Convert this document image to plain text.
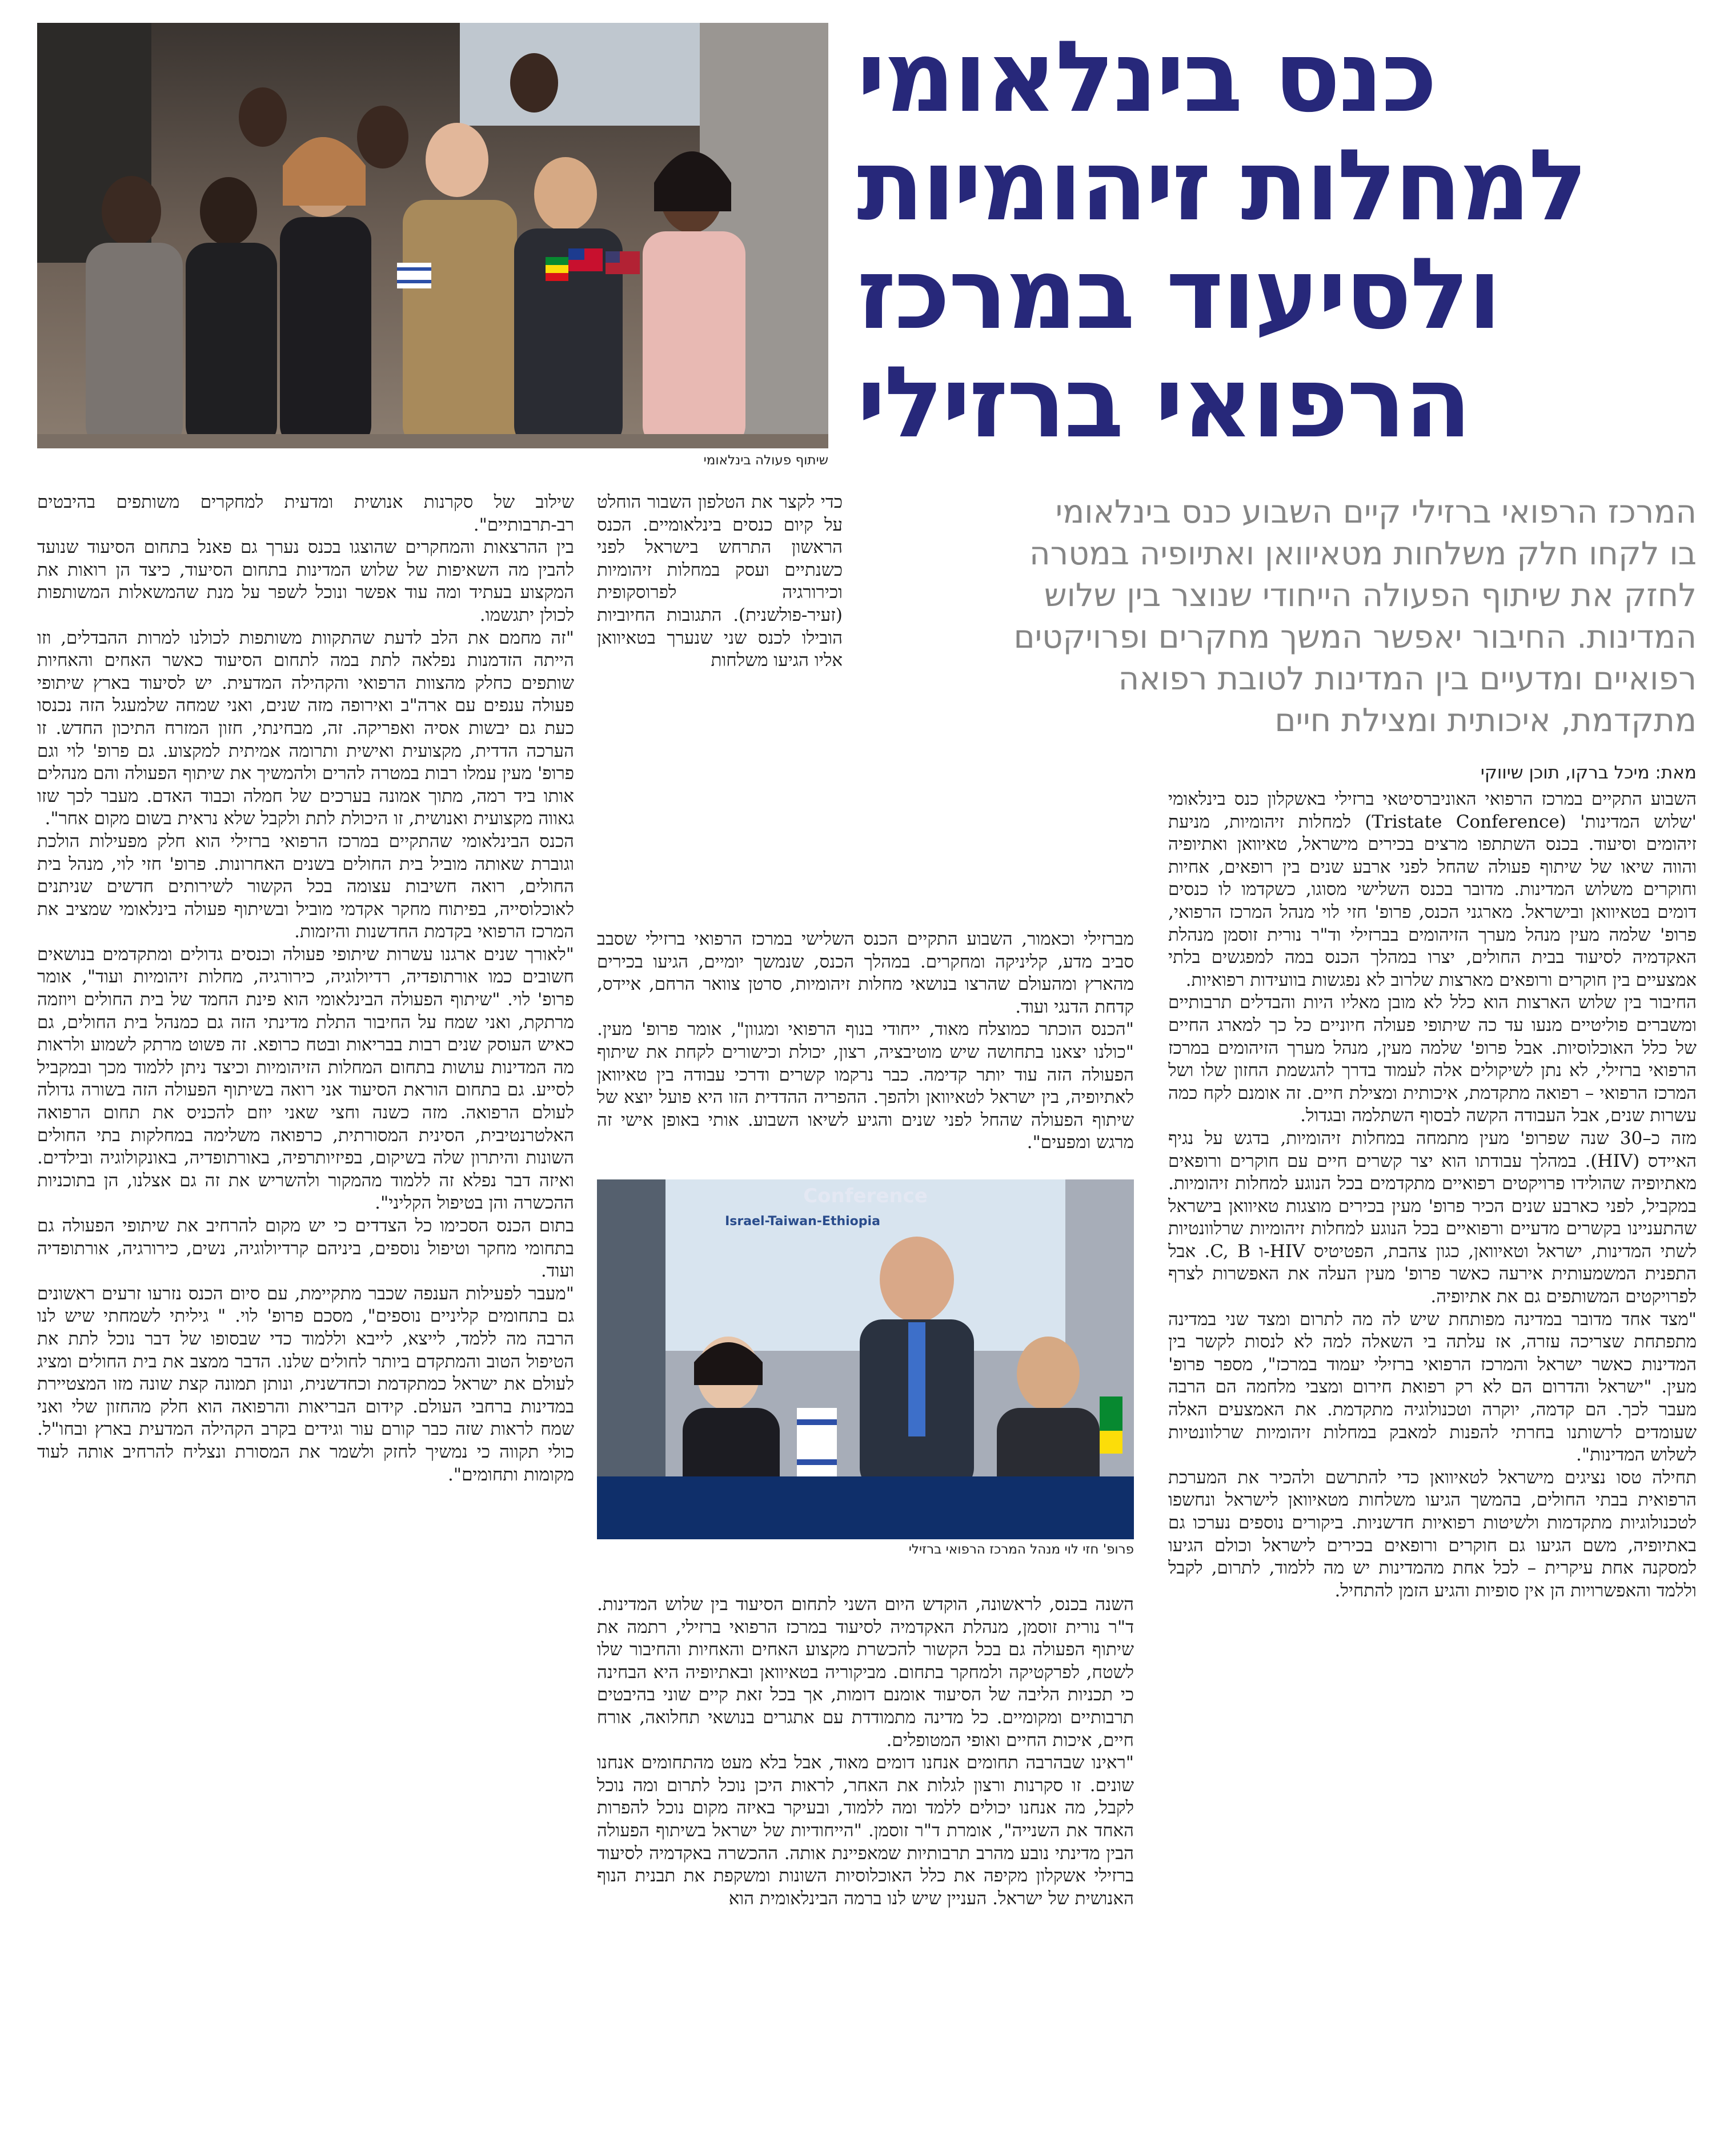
שיתוף פעולה בינלאומי
כנס בינלאומי
למחלות זיהומיות
ולסיעוד במרכז
הרפואי ברזילי
המרכז הרפואי ברזילי קיים השבוע כנס בינלאומי
בו לקחו חלק משלחות מטאיוואן ואתיופיה במטרה
לחזק את שיתוף הפעולה הייחודי שנוצר בין שלוש
המדינות. החיבור יאפשר המשך מחקרים ופרויקטים
רפואיים ומדעיים בין המדינות לטובת רפואה
מתקדמת, איכותית ומצילת חיים
מאת: מיכל ברקו, תוכן שיווקי

השבוע התקיים במרכז הרפואי האוניברסיטאי ברזילי באשקלון כנס בינלאומי 'שלוש המדינות' (Tristate Conference) למחלות זיהומיות, מניעת זיהומים וסיעוד. בכנס השתתפו מרצים בכירים מישראל, טאיוואן ואתיופיה והווה שיאו של שיתוף פעולה שהחל לפני ארבע שנים בין רופאים, אחיות וחוקרים משלוש המדינות. מדובר בכנס השלישי מסוגו, כשקדמו לו כנסים דומים בטאיוואן ובישראל. מארגני הכנס, פרופ' חזי לוי מנהל המרכז הרפואי, פרופ' שלמה מעין מנהל מערך הזיהומים בברזילי וד"ר נורית זוסמן מנהלת האקדמיה לסיעוד בבית החולים, יצרו במהלך הכנס במה למפגשים בלתי אמצעיים בין חוקרים ורופאים מארצות שלרוב לא נפגשות בוועידות רפואיות.

החיבור בין שלוש הארצות הוא כלל לא מובן מאליו היות והבדלים תרבותיים ומשברים פוליטיים מנעו עד כה שיתופי פעולה חיוניים כל כך למארג החיים של כלל האוכלוסיות. אבל פרופ' שלמה מעין, מנהל מערך הזיהומים במרכז הרפואי ברזילי, לא נתן לשיקולים אלה לעמוד בדרך להגשמת החזון שלו ושל המרכז הרפואי – רפואה מתקדמת, איכותית ומצילת חיים. זה אומנם לקח כמה עשרות שנים, אבל העבודה הקשה לבסוף השתלמה ובגדול.

מזה כ–30 שנה שפרופ' מעין מתמחה במחלות זיהומיות, בדגש על נגיף האיידס (HIV). במהלך עבודתו הוא יצר קשרים חיים עם חוקרים ורופאים מאתיופיה שהולידו פרויקטים רפואיים מתקדמים בכל הנוגע למחלות זיהומיות. במקביל, לפני כארבע שנים הכיר פרופ' מעין בכירים מוצגות טאיוואן בישראל שהתעניינו בקשרים מדעיים ורפואיים בכל הנוגע למחלות זיהומיות שרלוונטיות לשתי המדינות, ישראל וטאיוואן, כגון צהבת, הפטיטיס HIV-ו C, B. אבל התפנית המשמעותית אירעה כאשר פרופ' מעין העלה את האפשרות לצרף לפרויקטים המשותפים גם את אתיופיה.

"מצד אחד מדובר במדינה מפותחת שיש לה מה לתרום ומצד שני במדינה מתפתחת שצריכה עזרה, אז עלתה בי השאלה למה לא לנסות לקשר בין המדינות כאשר ישראל והמרכז הרפואי ברזילי יעמוד במרכז", מספר פרופ' מעין. "ישראל והדרום הם לא רק רפואת חירום ומצבי מלחמה הם הרבה מעבר לכך. הם קדמה, יוקרה וטכנולוגיה מתקדמת. את האמצעים האלה שעומדים לרשותנו בחרתי להפנות למאבק במחלות זיהומיות שרלוונטיות לשלוש המדינות".

תחילה טסו נציגים מישראל לטאיוואן כדי להתרשם ולהכיר את המערכת הרפואית בבתי החולים, בהמשך הגיעו משלחות מטאיוואן לישראל ונחשפו לטכנולוגיות מתקדמות ולשיטות רפואיות חדשניות. ביקורים נוספים נערכו גם באתיופיה, משם הגיעו גם חוקרים ורופאים בכירים לישראל וכולם הגיעו למסקנה אחת עיקרית – לכל אחת מהמדינות יש מה ללמוד, לתרום, לקבל וללמד והאפשרויות הן אין סופיות והגיע הזמן להתחיל.

כדי לקצר את הטלפון השבור הוחלט על קיום כנסים בינלאומיים. הכנס הראשון התרחש בישראל לפני כשנתיים ועסק במחלות זיהומיות וכירורגיה לפרוסקופית (זעיר-פולשנית). התגובות החיוביות הובילו לכנס שני שנערך בטאיוואן אליו הגיעו משלחות

מברזילי וכאמור, השבוע התקיים הכנס השלישי במרכז הרפואי ברזילי שסבב סביב מדע, קליניקה ומחקרים. במהלך הכנס, שנמשך יומיים, הגיעו בכירים מהארץ ומהעולם שהרצו בנושאי מחלות זיהומיות, סרטן צוואר הרחם, איידס, קדחת הדנגי ועוד.

"הכנס הוכתר כמוצלח מאוד, ייחודי בנוף הרפואי ומגוון", אומר פרופ' מעין. "כולנו יצאנו בתחושה שיש מוטיבציה, רצון, יכולת וכישורים לקחת את שיתוף הפעולה הזה עוד יותר קדימה. כבר נרקמו קשרים ודרכי עבודה בין טאיוואן לאתיופיה, בין ישראל לטאיוואן ולהפך. ההפריה ההדדית הזו היא פועל יוצא של שיתוף הפעולה שהחל לפני שנים והגיע לשיאו השבוע. אותי באופן אישי זה מרגש ומפעים".

Conference
Israel-Taiwan-Ethiopia
פרופ' חזי לוי מנהל המרכז הרפואי ברזילי

השנה בכנס, לראשונה, הוקדש היום השני לתחום הסיעוד בין שלוש המדינות. ד"ר נורית זוסמן, מנהלת האקדמיה לסיעוד במרכז הרפואי ברזילי, רתמה את שיתוף הפעולה גם בכל הקשור להכשרת מקצוע האחים והאחיות והחיבור שלו לשטח, לפרקטיקה ולמחקר בתחום. מביקוריה בטאיוואן ובאתיופיה היא הבחינה כי תכניות הליבה של הסיעוד אומנם דומות, אך בכל זאת קיים שוני בהיבטים תרבותיים ומקומיים. כל מדינה מתמודדת עם אתגרים בנושאי תחלואה, אורח חיים, איכות החיים ואופי המטופלים.

"ראינו שבהרבה תחומים אנחנו דומים מאוד, אבל בלא מעט מהתחומים אנחנו שונים. זו סקרנות ורצון לגלות את האחר, לראות היכן נוכל לתרום ומה נוכל לקבל, מה אנחנו יכולים ללמד ומה ללמוד, ובעיקר באיזה מקום נוכל להפרות האחד את השנייה", אומרת ד"ר זוסמן. "הייחודיות של ישראל בשיתוף הפעולה הבין מדינתי נובע מהרב תרבותיות שמאפיינת אותה. ההכשרה באקדמיה לסיעוד ברזילי אשקלון מקיפה את כלל האוכלוסיות השונות ומשקפת את תבנית הנוף האנושית של ישראל. העניין שיש לנו ברמה הבינלאומית הוא

שילוב של סקרנות אנושית ומדעית למחקרים משותפים בהיבטים רב-תרבותיים".

בין ההרצאות והמחקרים שהוצגו בכנס נערך גם פאנל בתחום הסיעוד שנועד להבין מה השאיפות של שלוש המדינות בתחום הסיעוד, כיצד הן רואות את המקצוע בעתיד ומה עוד אפשר ונוכל לשפר על מנת שהמשאלות המשותפות לכולן יתגשמו.

"זה מחמם את הלב לדעת שהתקוות משותפות לכולנו למרות ההבדלים, וזו הייתה הזדמנות נפלאה לתת במה לתחום הסיעוד כאשר האחים והאחיות שותפים כחלק מהצוות הרפואי והקהילה המדעית. יש לסיעוד בארץ שיתופי פעולה ענפים עם ארה"ב ואירופה מזה שנים, ואני שמחה שלמעגל הזה נכנסו כעת גם יבשות אסיה ואפריקה. זה, מבחינתי, חזון המזרח התיכון החדש. זו הערכה הדדית, מקצועית ואישית ותרומה אמיתית למקצוע. גם פרופ' לוי וגם פרופ' מעין עמלו רבות במטרה להרים ולהמשיך את שיתוף הפעולה והם מנהלים אותו ביד רמה, מתוך אמונה בערכים של חמלה וכבוד האדם. מעבר לכך שזו גאווה מקצועית ואנושית, זו היכולת לתת ולקבל שלא נראית בשום מקום אחר".

הכנס הבינלאומי שהתקיים במרכז הרפואי ברזילי הוא חלק מפעילות הולכת וגוברת שאותה מוביל בית החולים בשנים האחרונות. פרופ' חזי לוי, מנהל בית החולים, רואה חשיבות עצומה בכל הקשור לשירותים חדשים שניתנים לאוכלוסייה, בפיתוח מחקר אקדמי מוביל ובשיתוף פעולה בינלאומי שמציב את המרכז הרפואי בקדמת החדשנות והיזמות.

"לאורך שנים ארגנו עשרות שיתופי פעולה וכנסים גדולים ומתקדמים בנושאים חשובים כמו אורתופדיה, רדיולוגיה, כירורגיה, מחלות זיהומיות ועוד", אומר פרופ' לוי. "שיתוף הפעולה הבינלאומי הוא פינת החמד של בית החולים ויוזמה מרתקת, ואני שמח על החיבור התלת מדינתי הזה גם כמנהל בית החולים, גם כאיש העוסק שנים רבות בבריאות ובטח כרופא. זה פשוט מרתק לשמוע ולראות מה המדינות עושות בתחום המחלות הזיהומיות וכיצד ניתן ללמוד מכך ובמקביל לסייע. גם בתחום הוראת הסיעוד אני רואה בשיתוף הפעולה הזה בשורה גדולה לעולם הרפואה. מזה כשנה וחצי שאני יוזם להכניס את תחום הרפואה האלטרנטיבית, הסינית המסורתית, כרפואה משלימה במחלקות בתי החולים השונות והיתרון שלה בשיקום, בפיזיותרפיה, באורתופדיה, באונקולוגיה ובילדים. ואיזה דבר נפלא זה ללמוד מהמקור ולהשריש את זה גם אצלנו, הן בתוכניות ההכשרה והן בטיפול הקליני".

בתום הכנס הסכימו כל הצדדים כי יש מקום להרחיב את שיתופי הפעולה גם בתחומי מחקר וטיפול נוספים, ביניהם קרדיולוגיה, נשים, כירורגיה, אורתופדיה ועוד.

"מעבר לפעילות הענפה שכבר מתקיימת, עם סיום הכנס נזרעו זרעים ראשונים גם בתחומים קליניים נוספים", מסכם פרופ' לוי. " גיליתי לשמחתי שיש לנו הרבה מה ללמד, לייצא, לייבא וללמוד כדי שבסופו של דבר נוכל לתת את הטיפול הטוב והמתקדם ביותר לחולים שלנו. הדבר ממצב את בית החולים ומציג לעולם את ישראל כמתקדמת וכחדשנית, ונותן תמונה קצת שונה מזו המצטיירת במדינות ברחבי העולם. קידום הבריאות והרפואה הוא חלק מהחזון שלי ואני שמח לראות שזה כבר קורם עור וגידים בקרב הקהילה המדעית בארץ ובחו"ל. כולי תקווה כי נמשיך לחזק ולשמר את המסורת ונצליח להרחיב אותה לעוד מקומות ותחומים".
